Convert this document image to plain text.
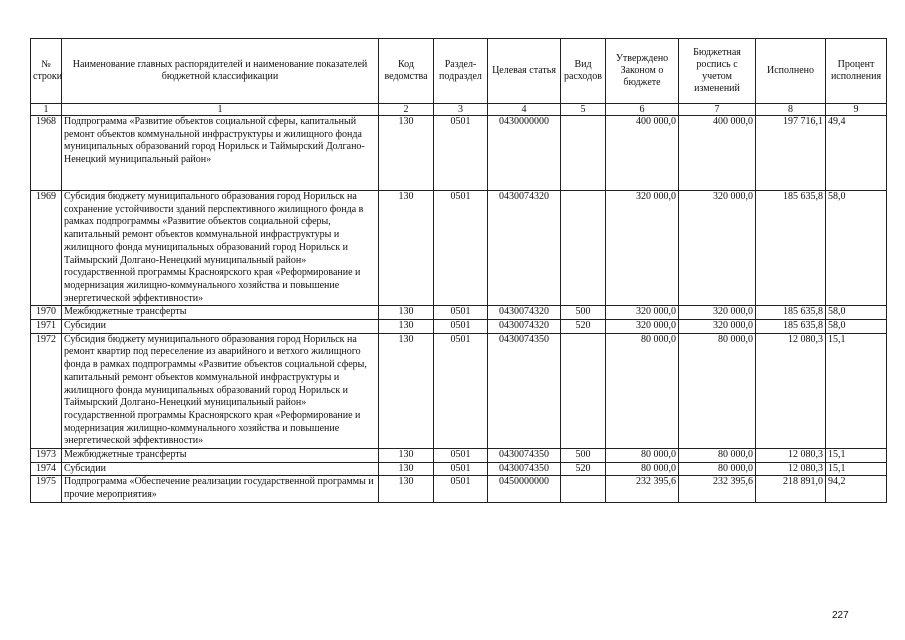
№ строки	Наименование главных распорядителей и наименование показателей бюджетной классификации	Код ведомства	Раздел-подраздел	Целевая статья	Вид расходов	Утверждено Законом о бюджете	Бюджетная роспись с учетом изменений	Исполнено	Процент исполнения
1	1	2	3	4	5	6	7	8	9
1968	Подпрограмма «Развитие объектов социальной сферы, капитальный ремонт объектов коммунальной инфраструктуры и жилищного фонда муниципальных образований город Норильск и Таймырский Долгано-Ненецкий муниципальный район»	130	0501	0430000000		400 000,0	400 000,0	197 716,1	49,4
1969	Субсидия бюджету муниципального образования город Норильск на сохранение устойчивости зданий перспективного жилищного фонда в рамках подпрограммы «Развитие объектов социальной сферы, капитальный ремонт объектов коммунальной инфраструктуры и жилищного фонда муниципальных образований город Норильск и Таймырский Долгано-Ненецкий муниципальный район» государственной программы Красноярского края «Реформирование и модернизация жилищно-коммунального хозяйства и повышение энергетической эффективности»	130	0501	0430074320		320 000,0	320 000,0	185 635,8	58,0
1970	Межбюджетные трансферты	130	0501	0430074320	500	320 000,0	320 000,0	185 635,8	58,0
1971	Субсидии	130	0501	0430074320	520	320 000,0	320 000,0	185 635,8	58,0
1972	Субсидия бюджету муниципального образования город Норильск на ремонт квартир под переселение из аварийного и ветхого жилищного фонда в рамках подпрограммы «Развитие объектов социальной сферы, капитальный ремонт объектов коммунальной инфраструктуры и жилищного фонда муниципальных образований город Норильск и Таймырский Долгано-Ненецкий муниципальный район» государственной программы Красноярского края «Реформирование и модернизация жилищно-коммунального хозяйства и повышение энергетической эффективности»	130	0501	0430074350		80 000,0	80 000,0	12 080,3	15,1
1973	Межбюджетные трансферты	130	0501	0430074350	500	80 000,0	80 000,0	12 080,3	15,1
1974	Субсидии	130	0501	0430074350	520	80 000,0	80 000,0	12 080,3	15,1
1975	Подпрограмма «Обеспечение реализации государственной программы и прочие мероприятия»	130	0501	0450000000		232 395,6	232 395,6	218 891,0	94,2
227
